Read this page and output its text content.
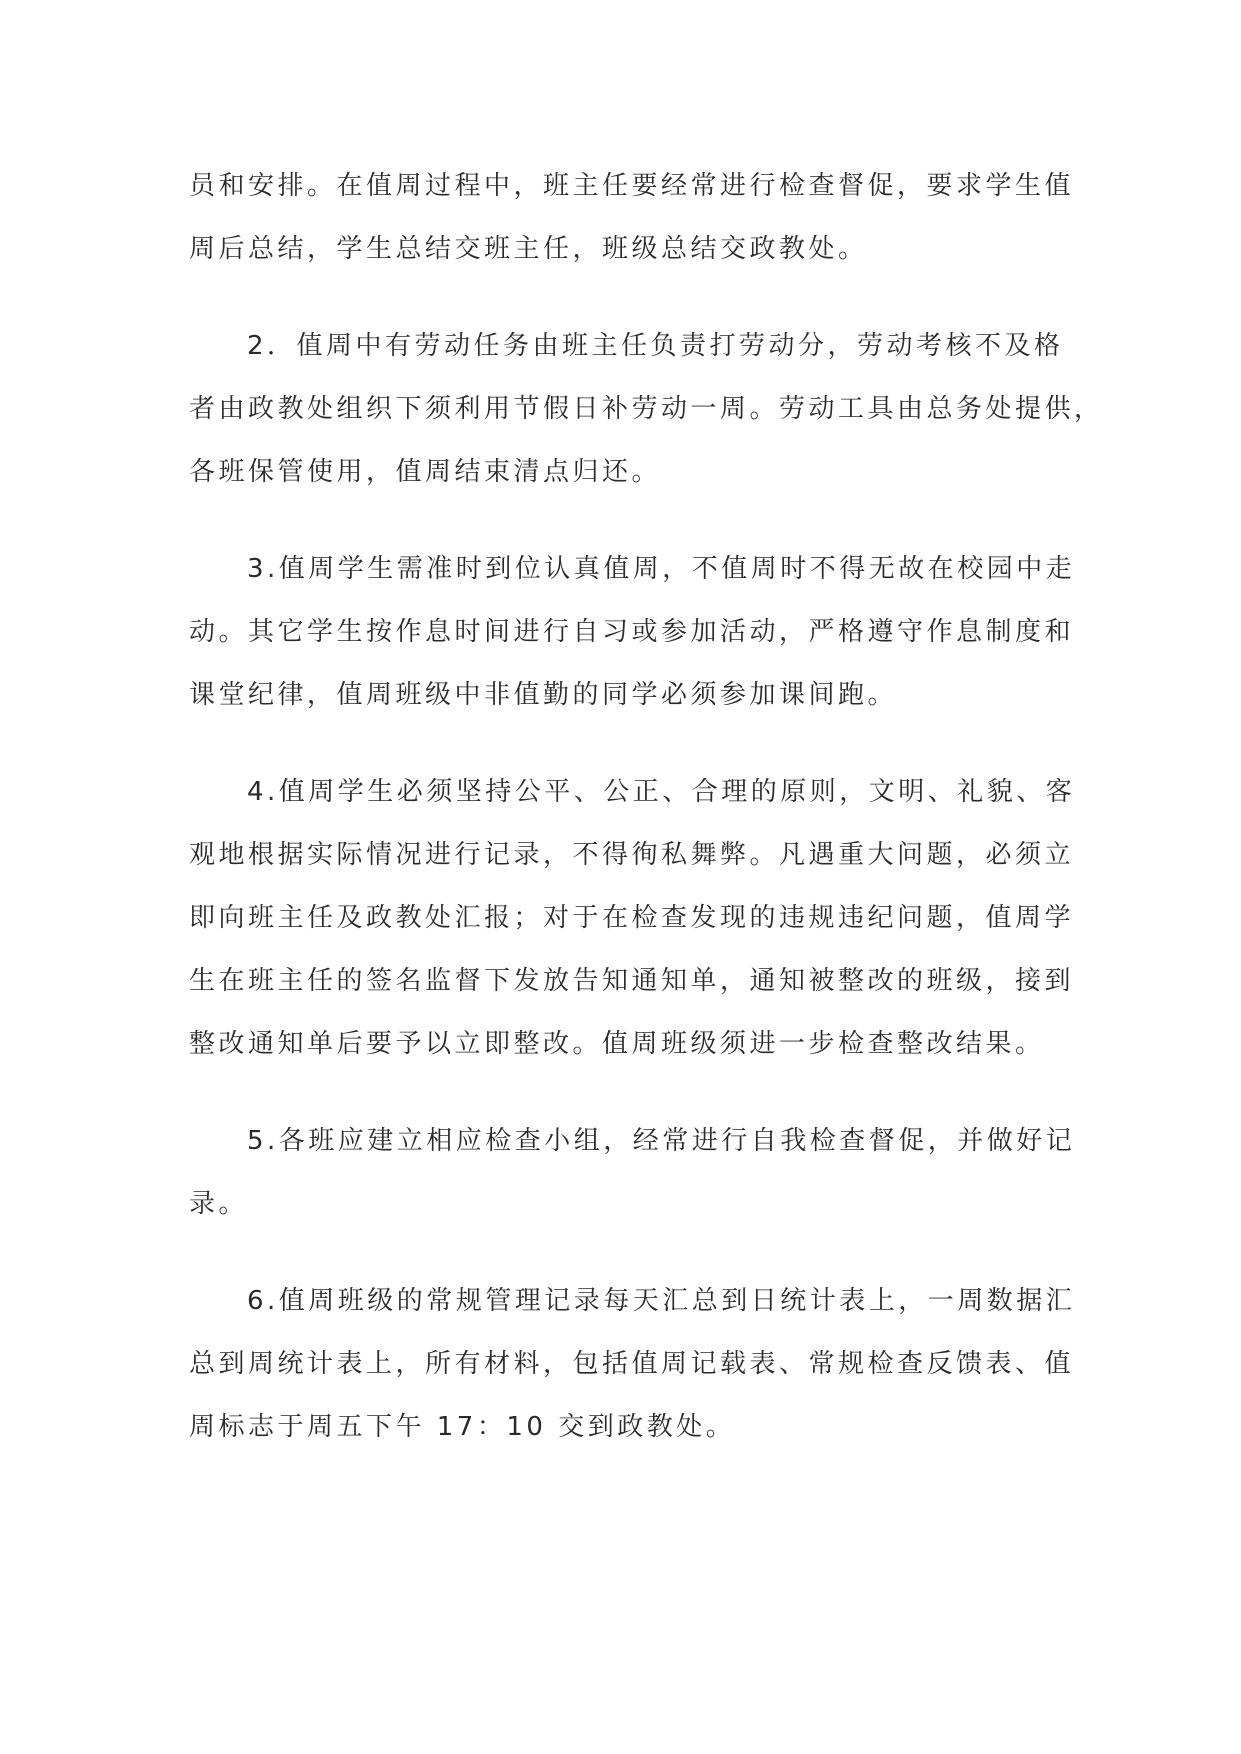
员和安排。在值周过程中，班主任要经常进行检查督促，要求学生值
周后总结，学生总结交班主任，班级总结交政教处。
2．值周中有劳动任务由班主任负责打劳动分，劳动考核不及格
者由政教处组织下须利用节假日补劳动一周。劳动工具由总务处提供，
各班保管使用，值周结束清点归还。
3.值周学生需准时到位认真值周，不值周时不得无故在校园中走
动。其它学生按作息时间进行自习或参加活动，严格遵守作息制度和
课堂纪律，值周班级中非值勤的同学必须参加课间跑。
4.值周学生必须坚持公平、公正、合理的原则，文明、礼貌、客
观地根据实际情况进行记录，不得徇私舞弊。凡遇重大问题，必须立
即向班主任及政教处汇报；对于在检查发现的违规违纪问题，值周学
生在班主任的签名监督下发放告知通知单，通知被整改的班级，接到
整改通知单后要予以立即整改。值周班级须进一步检查整改结果。
5.各班应建立相应检查小组，经常进行自我检查督促，并做好记
录。
6.值周班级的常规管理记录每天汇总到日统计表上，一周数据汇
总到周统计表上，所有材料，包括值周记载表、常规检查反馈表、值
周标志于周五下午 17：10 交到政教处。
